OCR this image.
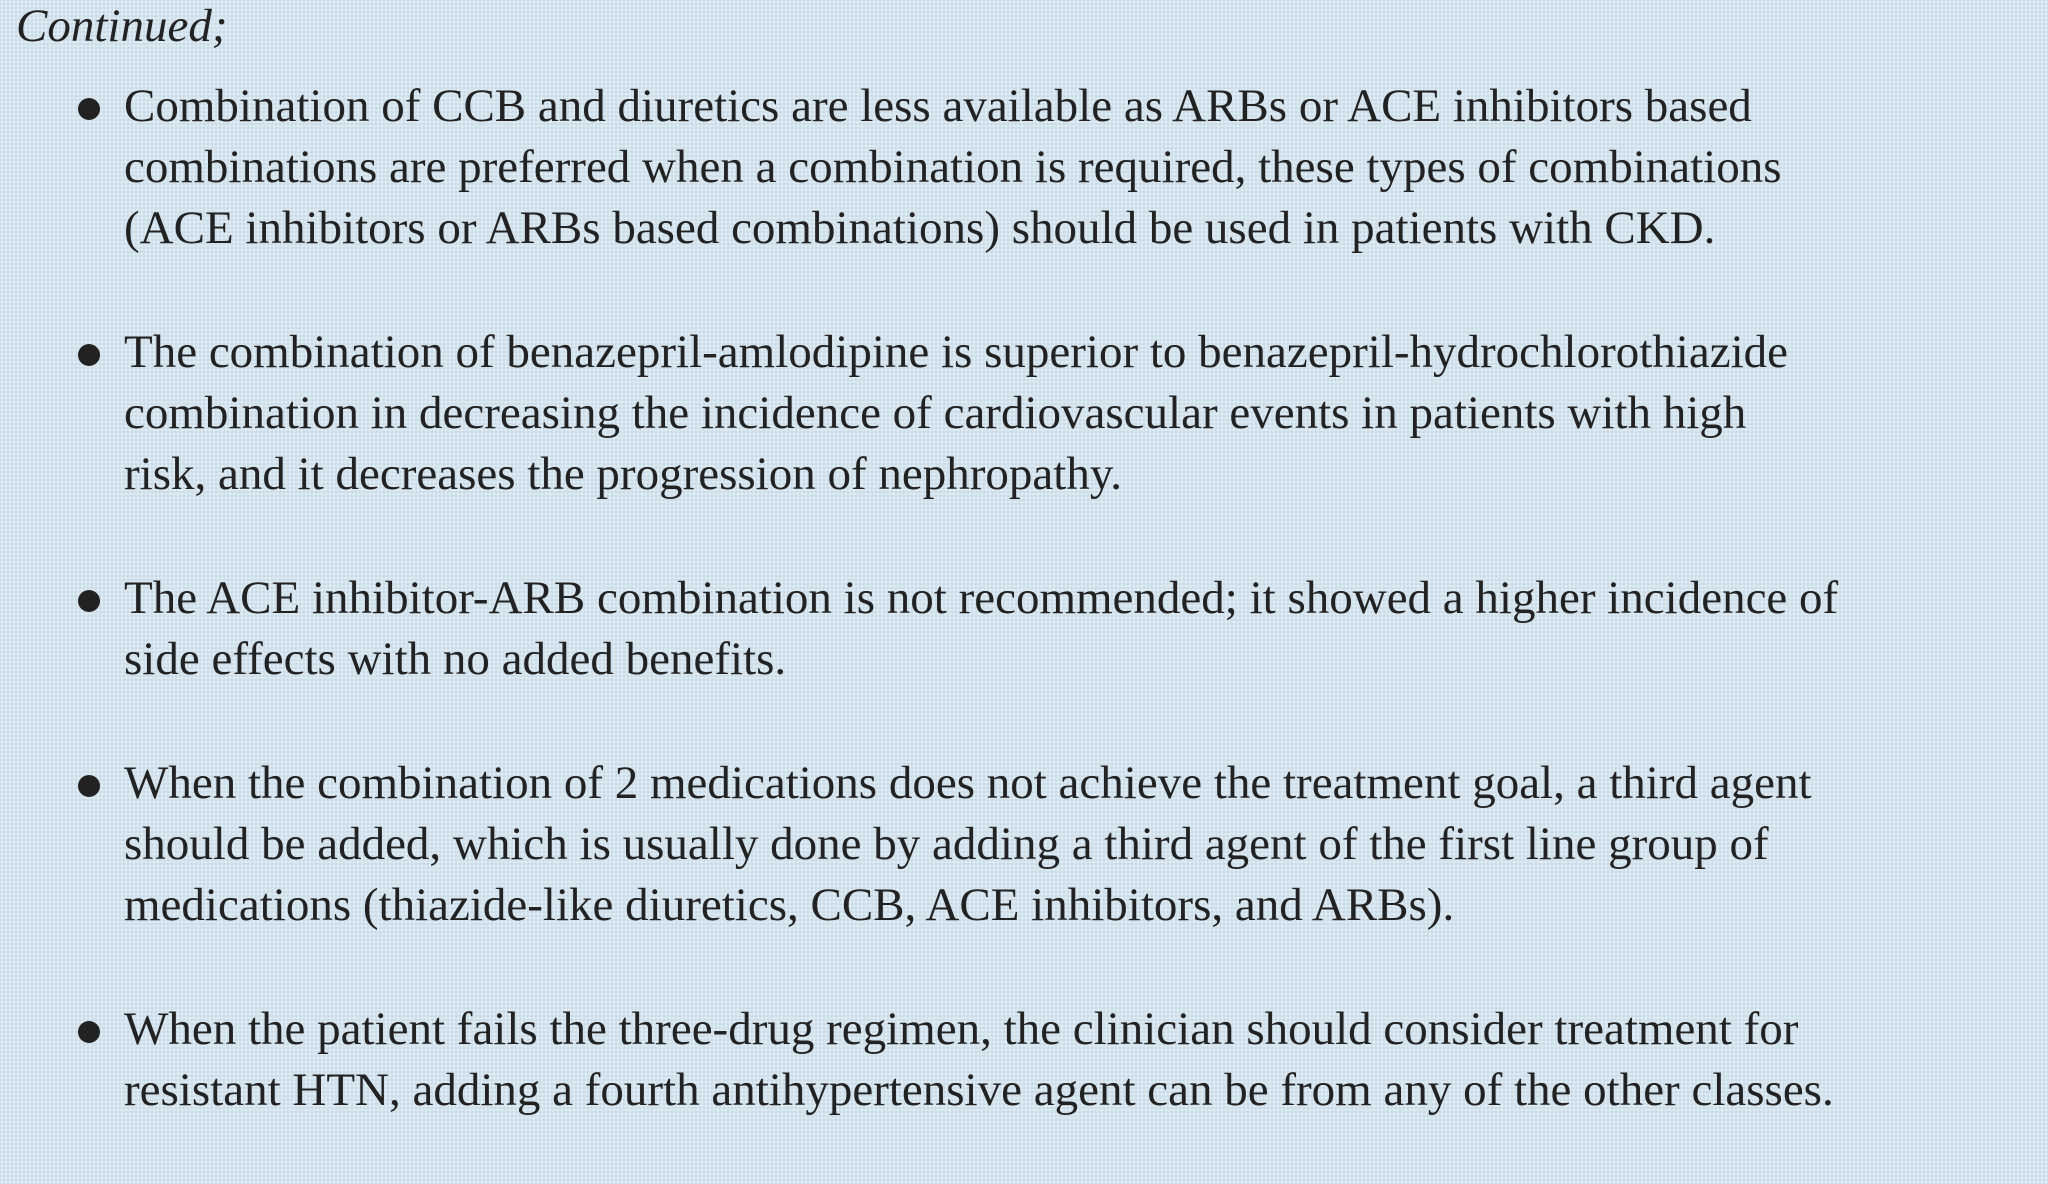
Continued;
Combination of CCB and diuretics are less available as ARBs or ACE inhibitors based
combinations are preferred when a combination is required, these types of combinations
(ACE inhibitors or ARBs based combinations) should be used in patients with CKD.
The combination of benazepril-amlodipine is superior to benazepril-hydrochlorothiazide
combination in decreasing the incidence of cardiovascular events in patients with high
risk, and it decreases the progression of nephropathy.
The ACE inhibitor-ARB combination is not recommended; it showed a higher incidence of
side effects with no added benefits.
When the combination of 2 medications does not achieve the treatment goal, a third agent
should be added, which is usually done by adding a third agent of the first line group of
medications (thiazide-like diuretics, CCB, ACE inhibitors, and ARBs).
When the patient fails the three-drug regimen, the clinician should consider treatment for
resistant HTN, adding a fourth antihypertensive agent can be from any of the other classes.
